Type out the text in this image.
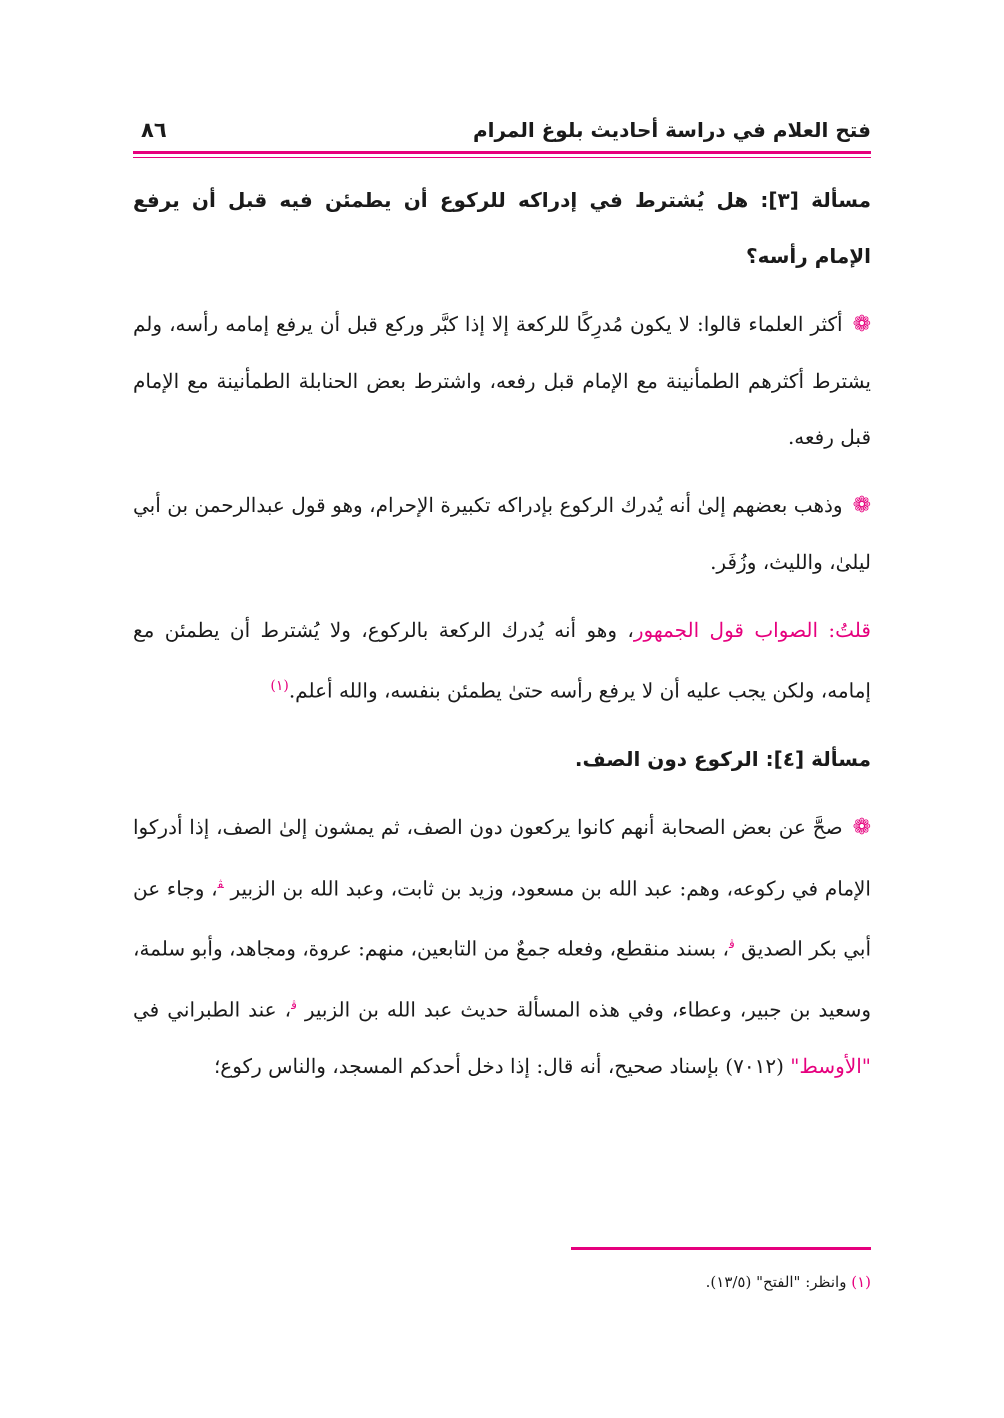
فتح العلام في دراسة أحاديث بلوغ المرام
٨٦
مسألة [٣]: هل يُشترط في إدراكه للركوع أن يطمئن فيه قبل أن يرفع الإمام رأسه؟

❁أكثر العلماء قالوا: لا يكون مُدرِكًا للركعة إلا إذا كبَّر وركع قبل أن يرفع إمامه رأسه، ولم يشترط أكثرهم الطمأنينة مع الإمام قبل رفعه، واشترط بعض الحنابلة الطمأنينة مع الإمام قبل رفعه.

❁وذهب بعضهم إلىٰ أنه يُدرك الركوع بإدراكه تكبيرة الإحرام، وهو قول عبدالرحمن بن أبي ليلىٰ، والليث، وزُفَر.

قلتُ: الصواب قول الجمهور، وهو أنه يُدرك الركعة بالركوع، ولا يُشترط أن يطمئن مع إمامه، ولكن يجب عليه أن لا يرفع رأسه حتىٰ يطمئن بنفسه، والله أعلم.$^{(١)}$

مسألة [٤]: الركوع دون الصف.

❁صحَّ عن بعض الصحابة أنهم كانوا يركعون دون الصف، ثم يمشون إلىٰ الصف، إذا أدركوا الإمام في ركوعه، وهم: عبد الله بن مسعود، وزيد بن ثابت، وعبد الله بن الزبير $^ﭭ$، وجاء عن أبي بكر الصديق $^ﭬ$، بسند منقطع، وفعله جمعٌ من التابعين، منهم: عروة، ومجاهد، وأبو سلمة، وسعيد بن جبير، وعطاء، وفي هذه المسألة حديث عبد الله بن الزبير $^ﭬ$، عند الطبراني في "الأوسط" (٧٠١٢) بإسناد صحيح، أنه قال: إذا دخل أحدكم المسجد، والناس ركوع؛

(١) وانظر: "الفتح" (١٣/٥).
